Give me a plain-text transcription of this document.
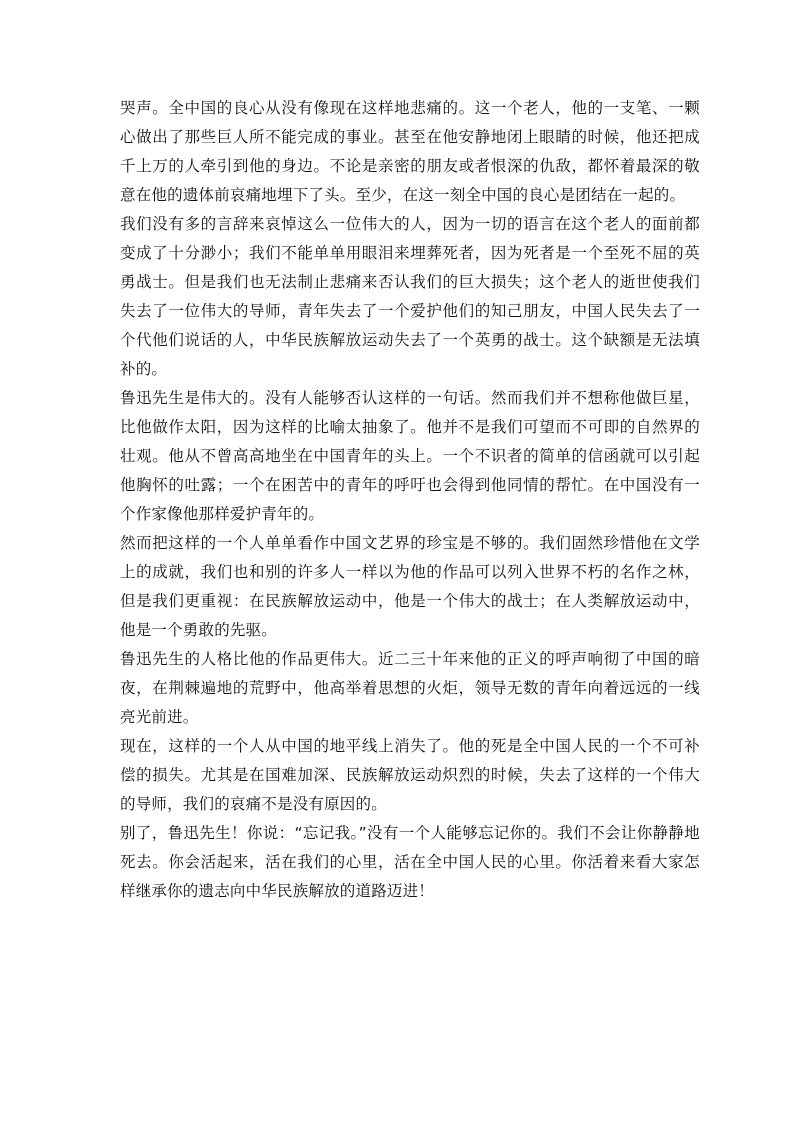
哭声。全中国的良心从没有像现在这样地悲痛的。这一个老人，他的一支笔、一颗心做出了那些巨人所不能完成的事业。甚至在他安静地闭上眼睛的时候，他还把成千上万的人牵引到他的身边。不论是亲密的朋友或者恨深的仇敌，都怀着最深的敬意在他的遗体前哀痛地埋下了头。至少，在这一刻全中国的良心是团结在一起的。

我们没有多的言辞来哀悼这么一位伟大的人，因为一切的语言在这个老人的面前都变成了十分渺小；我们不能单单用眼泪来埋葬死者，因为死者是一个至死不屈的英勇战士。但是我们也无法制止悲痛来否认我们的巨大损失；这个老人的逝世使我们失去了一位伟大的导师，青年失去了一个爱护他们的知己朋友，中国人民失去了一个代他们说话的人，中华民族解放运动失去了一个英勇的战士。这个缺额是无法填补的。

鲁迅先生是伟大的。没有人能够否认这样的一句话。然而我们并不想称他做巨星，比他做作太阳，因为这样的比喻太抽象了。他并不是我们可望而不可即的自然界的壮观。他从不曾高高地坐在中国青年的头上。一个不识者的简单的信函就可以引起他胸怀的吐露；一个在困苦中的青年的呼吁也会得到他同情的帮忙。在中国没有一个作家像他那样爱护青年的。

然而把这样的一个人单单看作中国文艺界的珍宝是不够的。我们固然珍惜他在文学上的成就，我们也和别的许多人一样以为他的作品可以列入世界不朽的名作之林，但是我们更重视：在民族解放运动中，他是一个伟大的战士；在人类解放运动中，他是一个勇敢的先驱。

鲁迅先生的人格比他的作品更伟大。近二三十年来他的正义的呼声响彻了中国的暗夜，在荆棘遍地的荒野中，他高举着思想的火炬，领导无数的青年向着远远的一线亮光前进。

现在，这样的一个人从中国的地平线上消失了。他的死是全中国人民的一个不可补偿的损失。尤其是在国难加深、民族解放运动炽烈的时候，失去了这样的一个伟大的导师，我们的哀痛不是没有原因的。

别了，鲁迅先生！你说：“忘记我。”没有一个人能够忘记你的。我们不会让你静静地死去。你会活起来，活在我们的心里，活在全中国人民的心里。你活着来看大家怎样继承你的遗志向中华民族解放的道路迈进！
